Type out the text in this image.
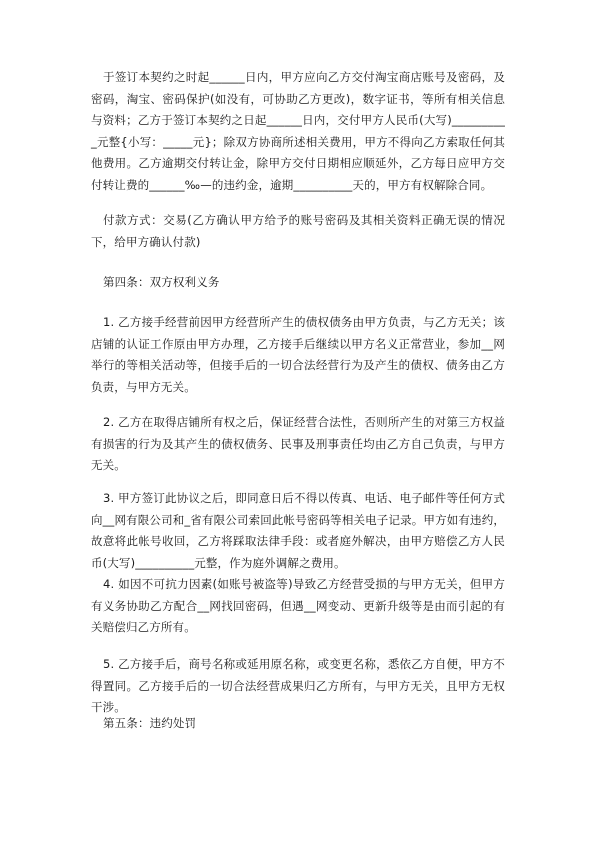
于签订本契约之时起______日内，甲方应向乙方交付淘宝商店账号及密码，及密码，淘宝、密码保护(如没有，可协助乙方更改)，数字证书，等所有相关信息与资料；乙方于签订本契约之日起______日内，交付甲方人民币(大写)__________元整{小写：_____元}；除双方协商所述相关费用，甲方不得向乙方索取任何其他费用。乙方逾期交付转让金，除甲方交付日期相应顺延外，乙方每日应甲方交付转让费的______‰—的违约金，逾期__________天的，甲方有权解除合同。

付款方式：交易(乙方确认甲方给予的账号密码及其相关资料正确无误的情况下，给甲方确认付款)

第四条：双方权利义务

1. 乙方接手经营前因甲方经营所产生的债权债务由甲方负责，与乙方无关；该店铺的认证工作原由甲方办理，乙方接手后继续以甲方名义正常营业，参加__网举行的等相关活动等，但接手后的一切合法经营行为及产生的债权、债务由乙方负责，与甲方无关。

2. 乙方在取得店铺所有权之后，保证经营合法性，否则所产生的对第三方权益有损害的行为及其产生的债权债务、民事及刑事责任均由乙方自己负责，与甲方无关。

3. 甲方签订此协议之后，即同意日后不得以传真、电话、电子邮件等任何方式向__网有限公司和_省有限公司索回此帐号密码等相关电子记录。甲方如有违约，故意将此帐号收回，乙方将踩取法律手段：或者庭外解决，由甲方赔偿乙方人民币(大写)__________元整，作为庭外调解之费用。

4. 如因不可抗力因素(如账号被盗等)导致乙方经营受损的与甲方无关，但甲方有义务协助乙方配合__网找回密码，但遇__网变动、更新升级等是由而引起的有关赔偿归乙方所有。

5. 乙方接手后，商号名称或延用原名称，或变更名称，悉依乙方自便，甲方不得置同。乙方接手后的一切合法经营成果归乙方所有，与甲方无关，且甲方无权干涉。

第五条：违约处罚
